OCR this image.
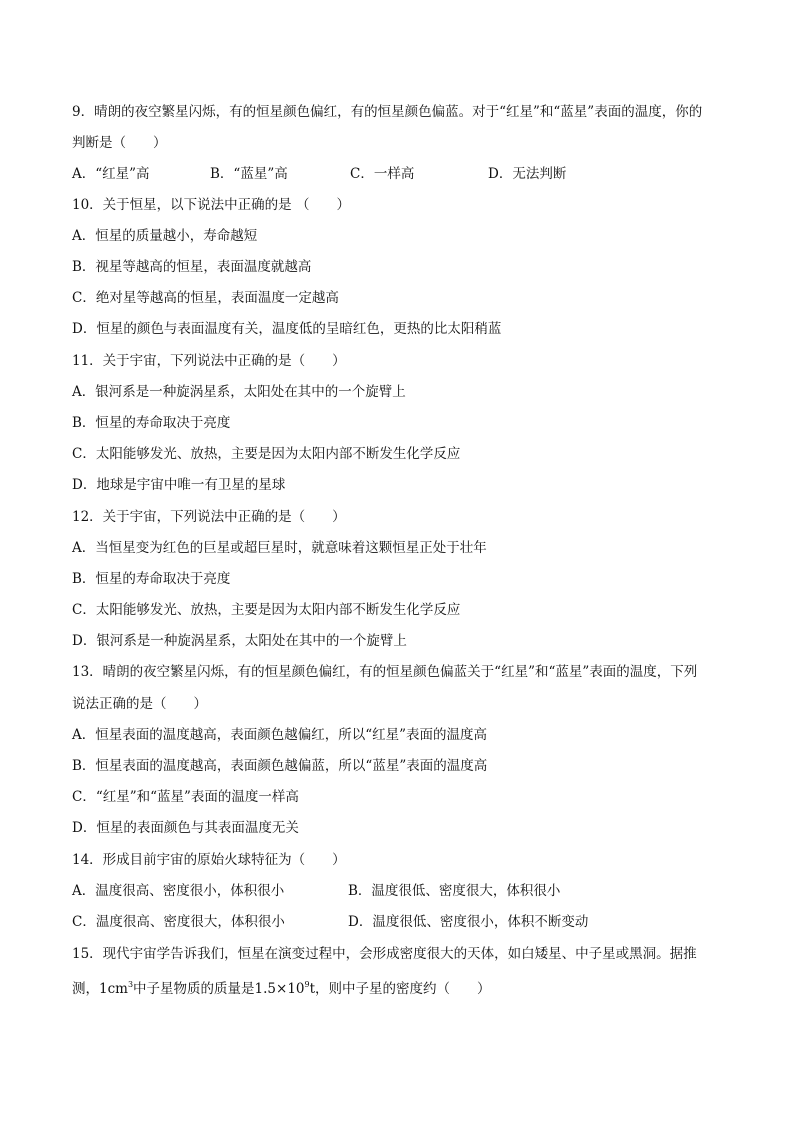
9．晴朗的夜空繁星闪烁，有的恒星颜色偏红，有的恒星颜色偏蓝。对于“红星”和“蓝星”表面的温度，你的
判断是（　　）
A．“红星”高	B．“蓝星”高	C．一样高	D．无法判断
10．关于恒星，以下说法中正确的是 （　　）
A．恒星的质量越小，寿命越短
B．视星等越高的恒星，表面温度就越高
C．绝对星等越高的恒星，表面温度一定越高
D．恒星的颜色与表面温度有关，温度低的呈暗红色，更热的比太阳稍蓝
11．关于宇宙，下列说法中正确的是（　　）
A．银河系是一种旋涡星系，太阳处在其中的一个旋臂上
B．恒星的寿命取决于亮度
C．太阳能够发光、放热，主要是因为太阳内部不断发生化学反应
D．地球是宇宙中唯一有卫星的星球
12．关于宇宙，下列说法中正确的是（　　）
A．当恒星变为红色的巨星或超巨星时，就意味着这颗恒星正处于壮年
B．恒星的寿命取决于亮度
C．太阳能够发光、放热，主要是因为太阳内部不断发生化学反应
D．银河系是一种旋涡星系，太阳处在其中的一个旋臂上
13．晴朗的夜空繁星闪烁，有的恒星颜色偏红，有的恒星颜色偏蓝关于“红星”和“蓝星”表面的温度，下列
说法正确的是（　　）
A．恒星表面的温度越高，表面颜色越偏红，所以“红星”表面的温度高
B．恒星表面的温度越高，表面颜色越偏蓝，所以“蓝星”表面的温度高
C．“红星”和“蓝星”表面的温度一样高
D．恒星的表面颜色与其表面温度无关
14．形成目前宇宙的原始火球特征为（　　）
A．温度很高、密度很小，体积很小	B．温度很低、密度很大，体积很小
C．温度很高、密度很大，体积很小	D．温度很低、密度很小，体积不断变动
15．现代宇宙学告诉我们，恒星在演变过程中，会形成密度很大的天体，如白矮星、中子星或黑洞。据推
测，$1cm^3$中子星物质的质量是$1.5\times 10^9t$，则中子星的密度约（　　）
